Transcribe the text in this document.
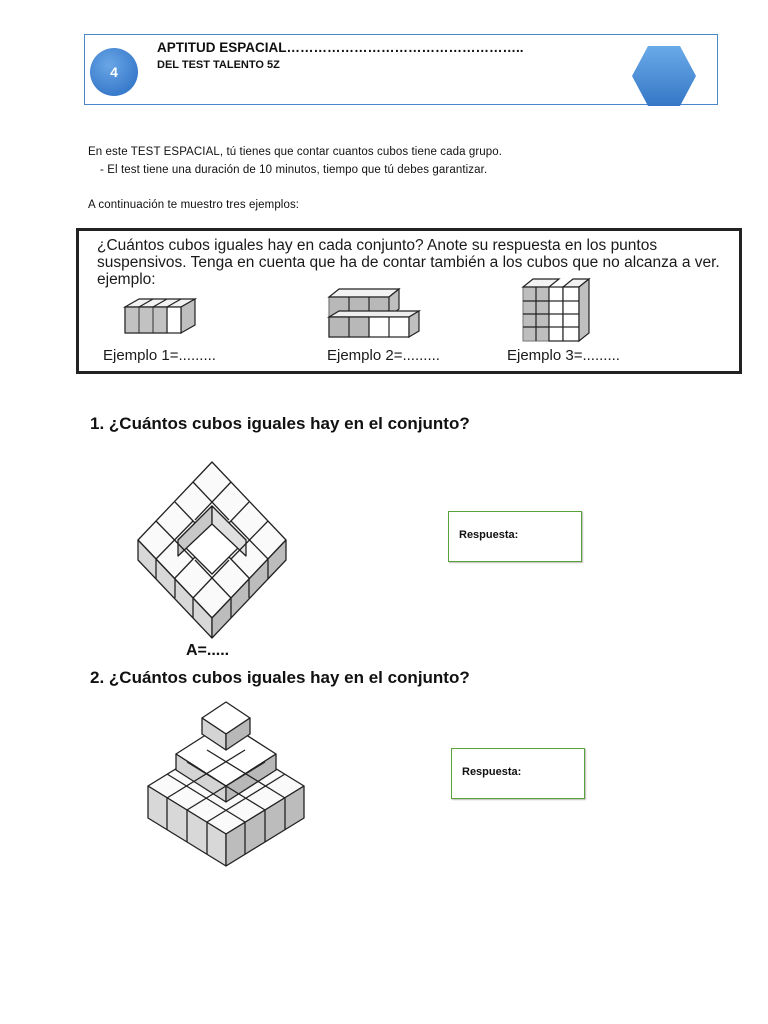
4
APTITUD ESPACIAL……………………………………………..
DEL TEST TALENTO 5Z
En este TEST ESPACIAL, tú tienes que contar cuantos cubos tiene cada grupo.
- El test tiene una duración de 10 minutos, tiempo que tú debes garantizar.
A continuación te muestro tres ejemplos:
¿Cuántos cubos iguales hay en cada conjunto? Anote su respuesta en los puntos suspensivos. Tenga en cuenta que ha de contar también a los cubos que no alcanza a ver. ejemplo:
Ejemplo 1=.........	Ejemplo 2=.........	Ejemplo 3=.........
1. ¿Cuántos cubos iguales hay en el conjunto?
A=.....
Respuesta:
2. ¿Cuántos cubos iguales hay en el conjunto?
Respuesta:
